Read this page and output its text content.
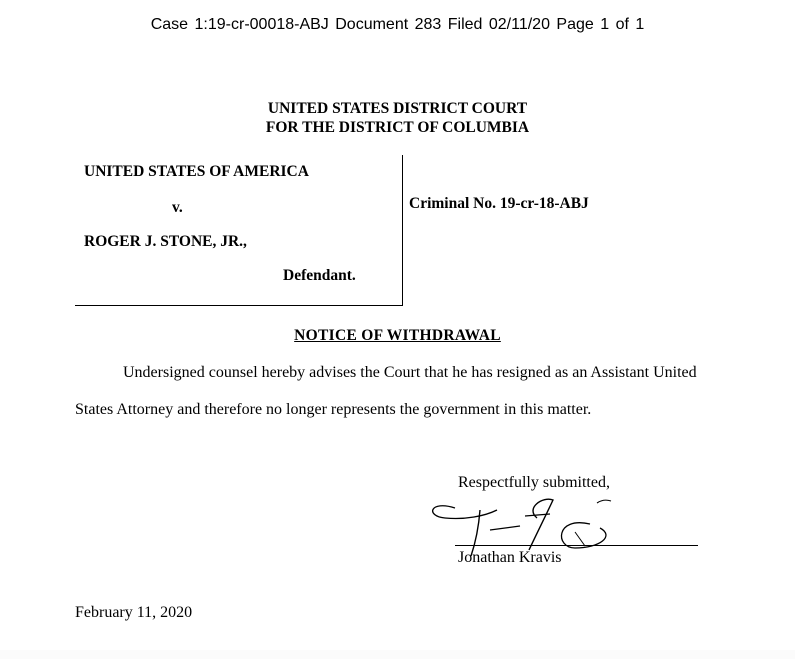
Case 1:19-cr-00018-ABJ Document 283 Filed 02/11/20 Page 1 of 1
UNITED STATES DISTRICT COURT
FOR THE DISTRICT OF COLUMBIA
UNITED STATES OF AMERICA
v.
ROGER J. STONE, JR.,
Defendant.
Criminal No. 19-cr-18-ABJ
NOTICE OF WITHDRAWAL
Undersigned counsel hereby advises the Court that he has resigned as an Assistant United
States Attorney and therefore no longer represents the government in this matter.
Respectfully submitted,
Jonathan Kravis
February 11, 2020
